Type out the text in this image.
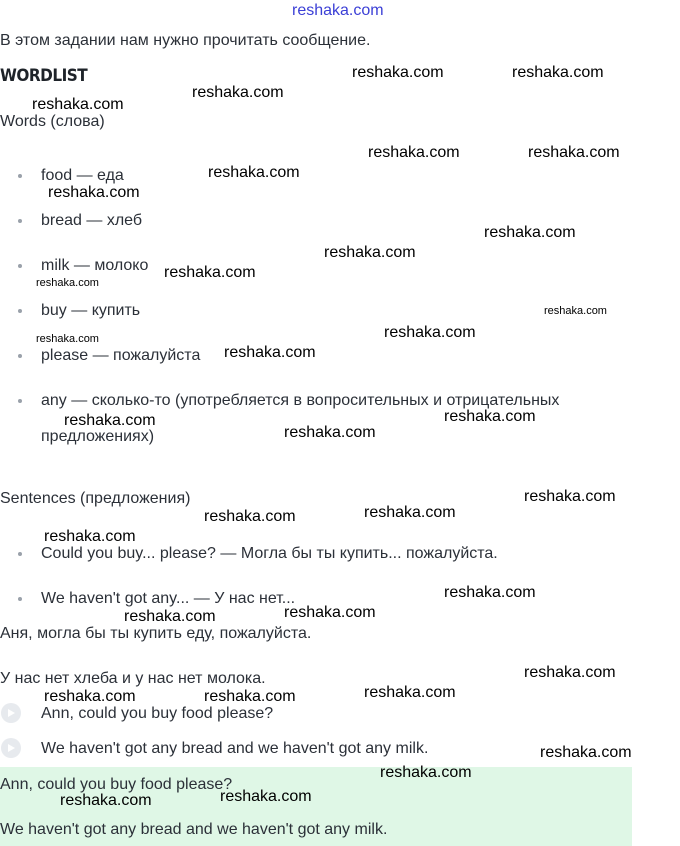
reshaka.com
В этом задании нам нужно прочитать сообщение.
WORDLIST
Words (слова)
food — еда
bread — хлеб
milk — молоко
buy — купить
please — пожалуйста
any — сколько-то (употребляется в вопросительных и отрицательных
предложениях)
Sentences (предложения)
Could you buy... please? — Могла бы ты купить... пожалуйста.
We haven't got any... — У нас нет...
Аня, могла бы ты купить еду, пожалуйста.
У нас нет хлеба и у нас нет молока.
Ann, could you buy food please?
We haven't got any bread and we haven't got any milk.
Ann, could you buy food please?
We haven't got any bread and we haven't got any milk.
reshaka.com	reshaka.com
reshaka.com
reshaka.com
reshaka.com	reshaka.com
reshaka.com
reshaka.com
reshaka.com
reshaka.com
reshaka.com
reshaka.com
reshaka.com
reshaka.com
reshaka.com
reshaka.com
reshaka.com
reshaka.com
reshaka.com
reshaka.com
reshaka.com
reshaka.com
reshaka.com
reshaka.com
reshaka.com
reshaka.com
reshaka.com
reshaka.com
reshaka.com
reshaka.com
reshaka.com
reshaka.com
reshaka.com
reshaka.com
